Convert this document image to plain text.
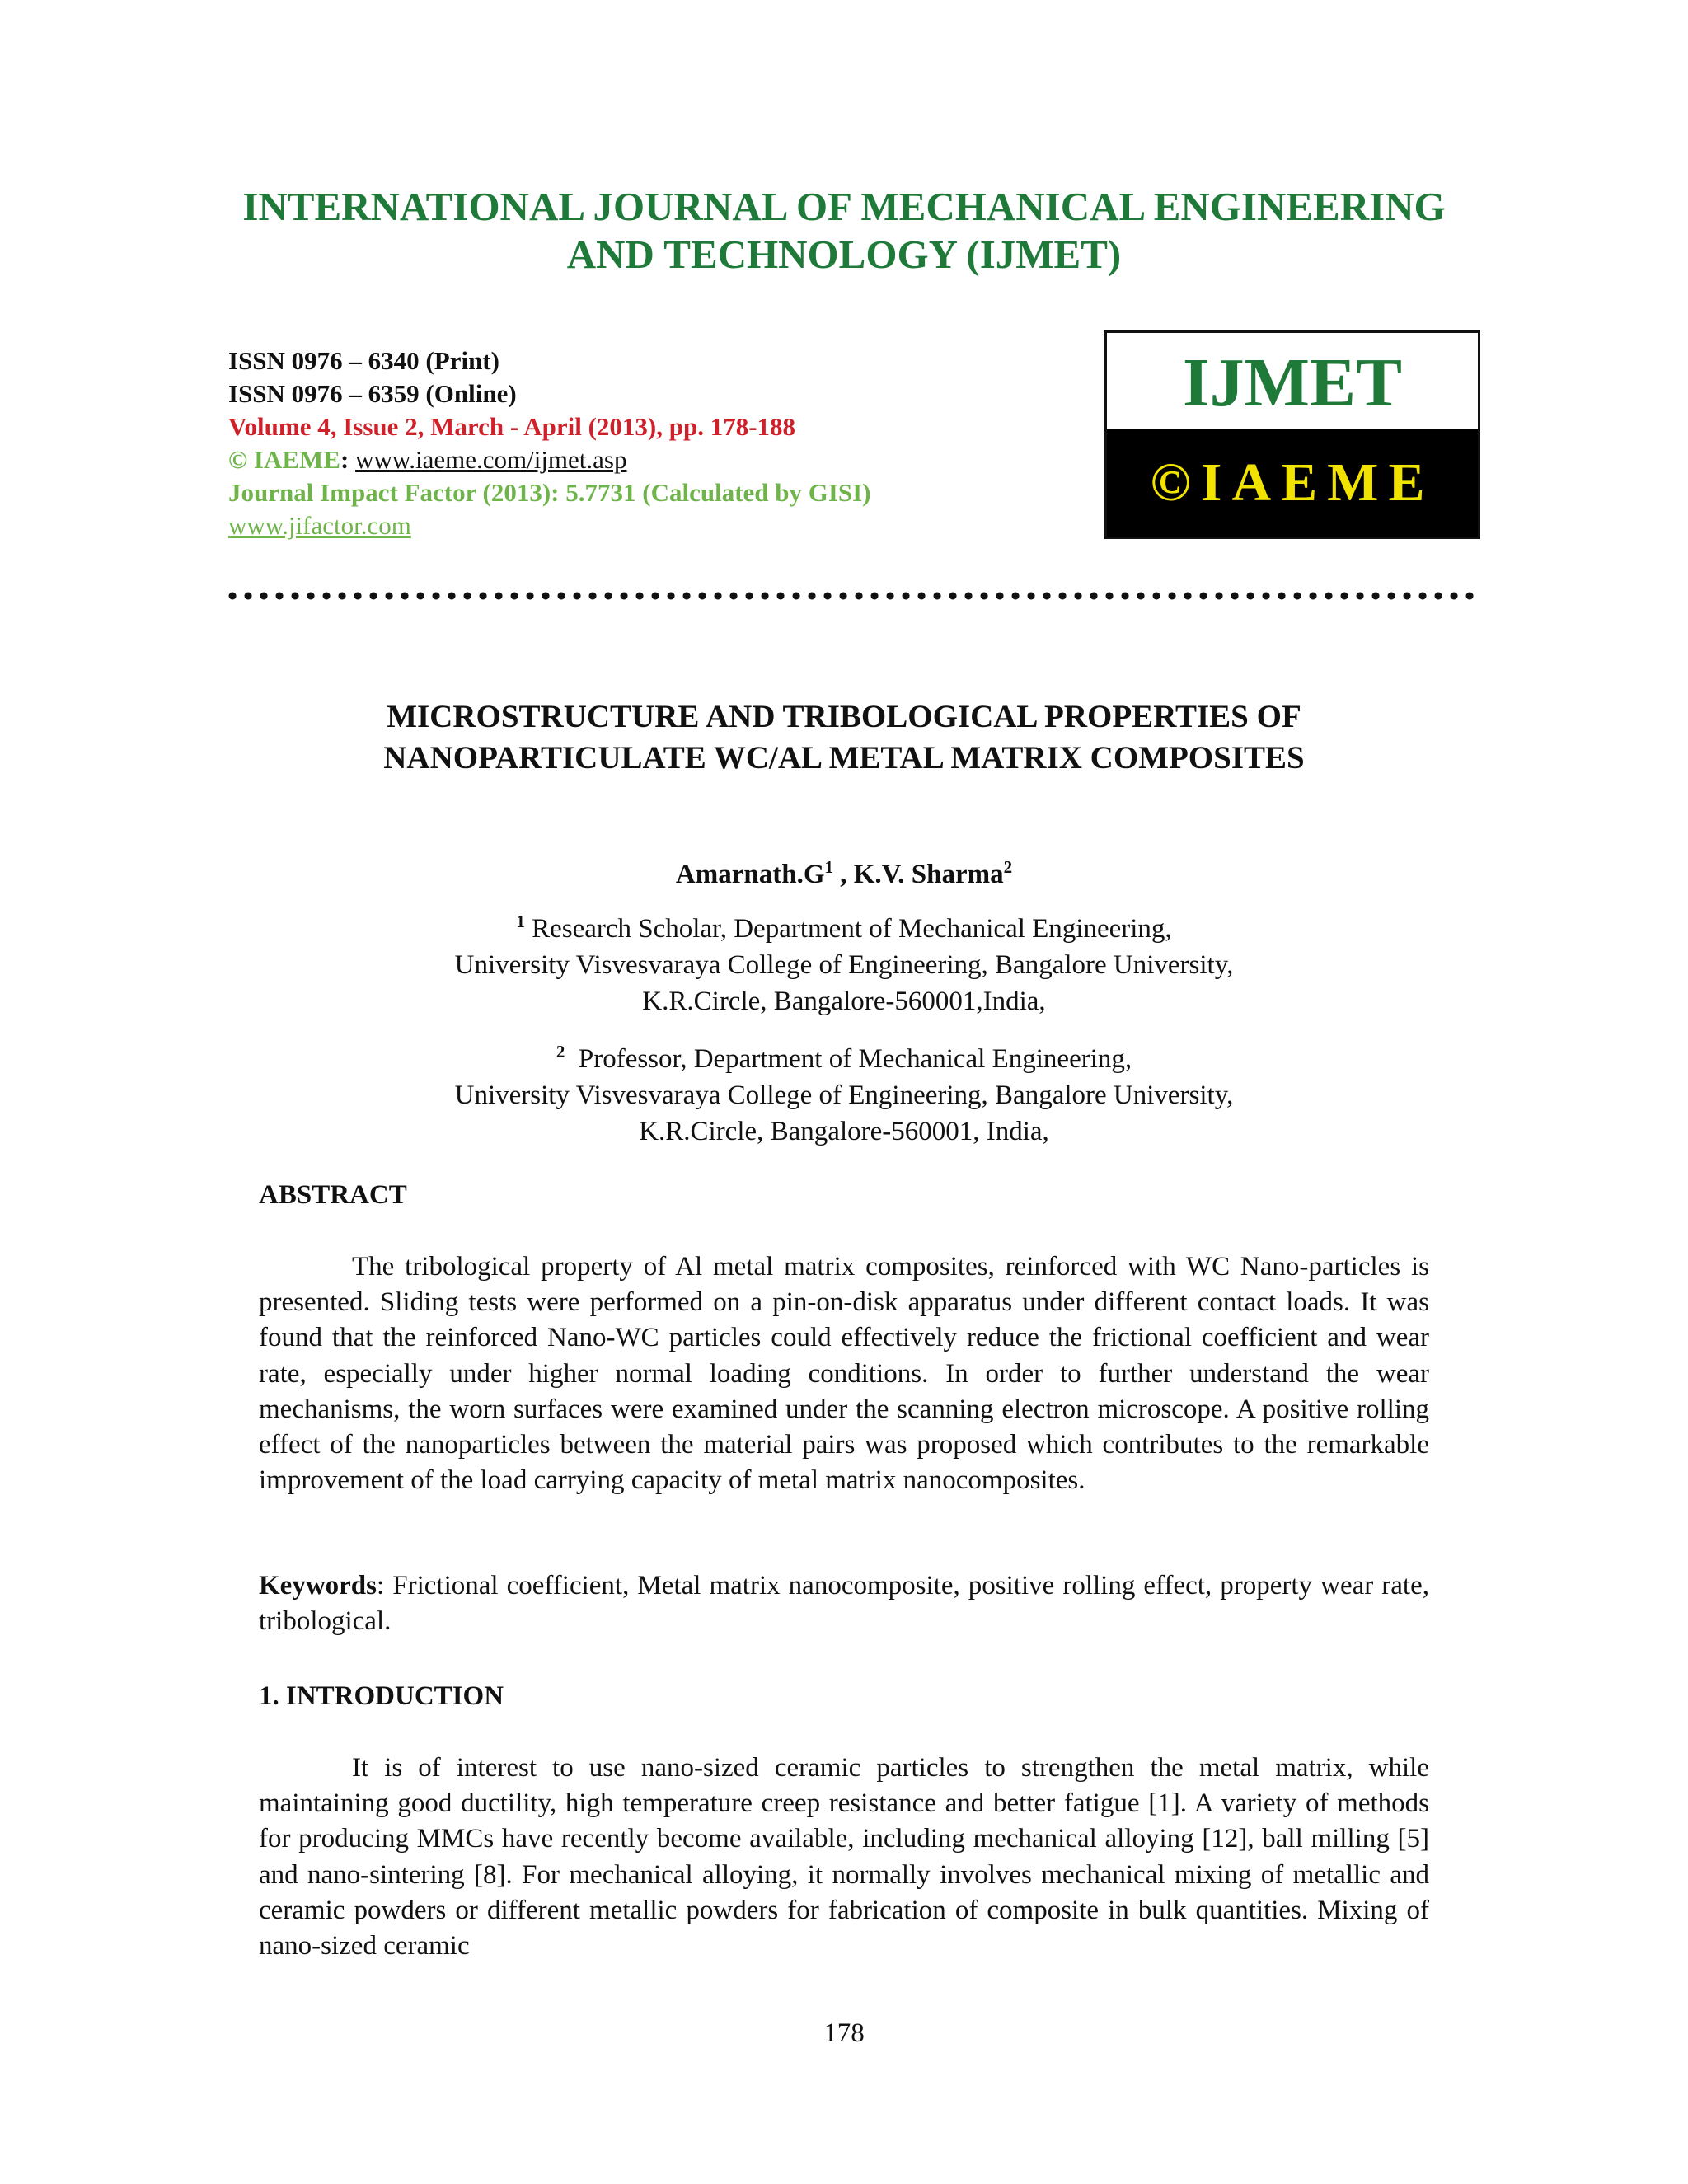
INTERNATIONAL JOURNAL OF MECHANICAL ENGINEERING
AND TECHNOLOGY (IJMET)
ISSN 0976 – 6340 (Print)
ISSN 0976 – 6359 (Online)
Volume 4, Issue 2, March - April (2013), pp. 178-188
© IAEME: www.iaeme.com/ijmet.asp
Journal Impact Factor (2013): 5.7731 (Calculated by GISI)
www.jifactor.com
IJMET
©IAEME
MICROSTRUCTURE AND TRIBOLOGICAL PROPERTIES OF
NANOPARTICULATE WC/AL METAL MATRIX COMPOSITES
$Amarnath.G^1$ , K.V. Sharma$^2$
$^1$ Research Scholar, Department of Mechanical Engineering,
University Visvesvaraya College of Engineering, Bangalore University,
K.R.Circle, Bangalore-560001,India,
$^2$ Professor, Department of Mechanical Engineering,
University Visvesvaraya College of Engineering, Bangalore University,
K.R.Circle, Bangalore-560001, India,
ABSTRACT
The tribological property of Al metal matrix composites, reinforced with WC Nano-particles is presented. Sliding tests were performed on a pin-on-disk apparatus under different contact loads. It was found that the reinforced Nano-WC particles could effectively reduce the frictional coefficient and wear rate, especially under higher normal loading conditions. In order to further understand the wear mechanisms, the worn surfaces were examined under the scanning electron microscope. A positive rolling effect of the nanoparticles between the material pairs was proposed which contributes to the remarkable improvement of the load carrying capacity of metal matrix nanocomposites.
Keywords: Frictional coefficient, Metal matrix nanocomposite, positive rolling effect, property wear rate, tribological.
1. INTRODUCTION
It is of interest to use nano-sized ceramic particles to strengthen the metal matrix, while maintaining good ductility, high temperature creep resistance and better fatigue [1]. A variety of methods for producing MMCs have recently become available, including mechanical alloying [12], ball milling [5] and nano-sintering [8]. For mechanical alloying, it normally involves mechanical mixing of metallic and ceramic powders or different metallic powders for fabrication of composite in bulk quantities. Mixing of nano-sized ceramic
178
